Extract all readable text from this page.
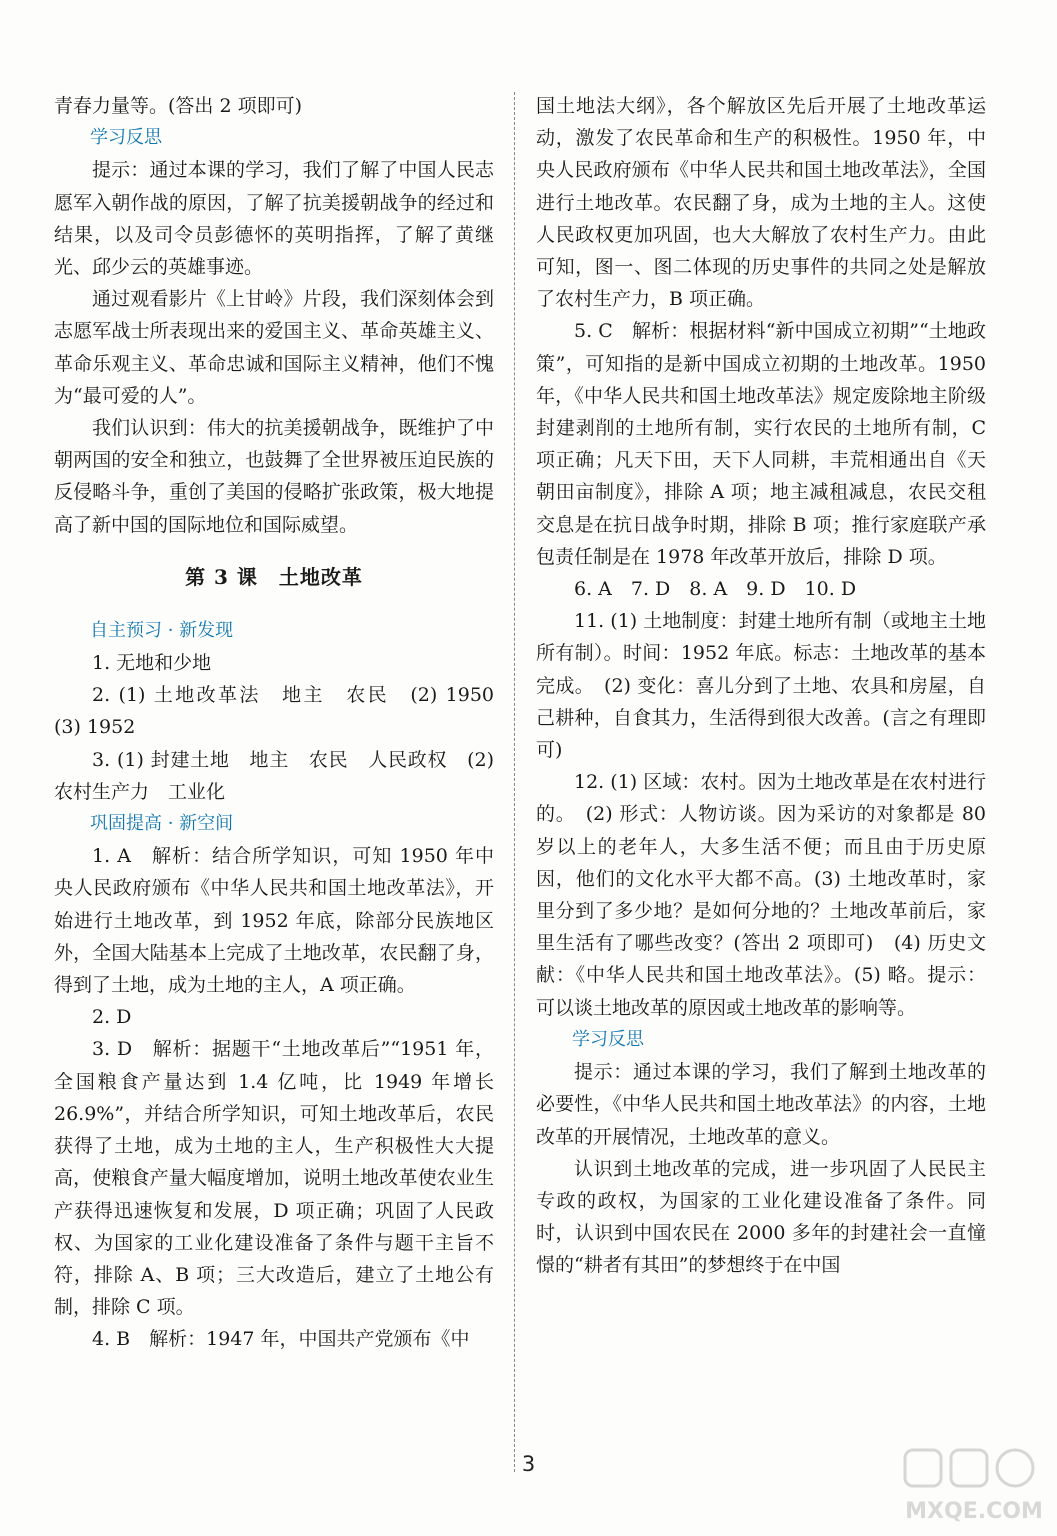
青春力量等。(答出 2 项即可)

学习反思

提示：通过本课的学习，我们了解了中国人民志愿军入朝作战的原因，了解了抗美援朝战争的经过和结果，以及司令员彭德怀的英明指挥，了解了黄继光、邱少云的英雄事迹。

通过观看影片《上甘岭》片段，我们深刻体会到志愿军战士所表现出来的爱国主义、革命英雄主义、革命乐观主义、革命忠诚和国际主义精神，他们不愧为“最可爱的人”。

我们认识到：伟大的抗美援朝战争，既维护了中朝两国的安全和独立，也鼓舞了全世界被压迫民族的反侵略斗争，重创了美国的侵略扩张政策，极大地提高了新中国的国际地位和国际威望。

第 3 课　土地改革
自主预习 · 新发现

1. 无地和少地

2. (1) 土地改革法　地主　农民　(2) 1950　(3) 1952

3. (1) 封建土地　地主　农民　人民政权　(2) 农村生产力　工业化

巩固提高 · 新空间

1. A　解析：结合所学知识，可知 1950 年中央人民政府颁布《中华人民共和国土地改革法》，开始进行土地改革，到 1952 年底，除部分民族地区外，全国大陆基本上完成了土地改革，农民翻了身，得到了土地，成为土地的主人，A 项正确。

2. D

3. D　解析：据题干“土地改革后”“1951 年，全国粮食产量达到 1.4 亿吨，比 1949 年增长 26.9%”，并结合所学知识，可知土地改革后，农民获得了土地，成为土地的主人，生产积极性大大提高，使粮食产量大幅度增加，说明土地改革使农业生产获得迅速恢复和发展，D 项正确；巩固了人民政权、为国家的工业化建设准备了条件与题干主旨不符，排除 A、B 项；三大改造后，建立了土地公有制，排除 C 项。

4. B　解析：1947 年，中国共产党颁布《中

国土地法大纲》，各个解放区先后开展了土地改革运动，激发了农民革命和生产的积极性。1950 年，中央人民政府颁布《中华人民共和国土地改革法》，全国进行土地改革。农民翻了身，成为土地的主人。这使人民政权更加巩固，也大大解放了农村生产力。由此可知，图一、图二体现的历史事件的共同之处是解放了农村生产力，B 项正确。

5. C　解析：根据材料“新中国成立初期”“土地政策”，可知指的是新中国成立初期的土地改革。1950 年，《中华人民共和国土地改革法》规定废除地主阶级封建剥削的土地所有制，实行农民的土地所有制，C 项正确；凡天下田，天下人同耕，丰荒相通出自《天朝田亩制度》，排除 A 项；地主减租减息，农民交租交息是在抗日战争时期，排除 B 项；推行家庭联产承包责任制是在 1978 年改革开放后，排除 D 项。

6. A　7. D　8. A　9. D　10. D

11. (1) 土地制度：封建土地所有制（或地主土地所有制）。时间：1952 年底。标志：土地改革的基本完成。　(2) 变化：喜儿分到了土地、农具和房屋，自己耕种，自食其力，生活得到很大改善。(言之有理即可)

12. (1) 区域：农村。因为土地改革是在农村进行的。　(2) 形式：人物访谈。因为采访的对象都是 80 岁以上的老年人，大多生活不便；而且由于历史原因，他们的文化水平大都不高。(3) 土地改革时，家里分到了多少地？是如何分地的？土地改革前后，家里生活有了哪些改变？(答出 2 项即可)　(4) 历史文献：《中华人民共和国土地改革法》。(5) 略。提示：可以谈土地改革的原因或土地改革的影响等。

学习反思

提示：通过本课的学习，我们了解到土地改革的必要性，《中华人民共和国土地改革法》的内容，土地改革的开展情况，土地改革的意义。

认识到土地改革的完成，进一步巩固了人民民主专政的政权，为国家的工业化建设准备了条件。同时，认识到中国农民在 2000 多年的封建社会一直憧憬的“耕者有其田”的梦想终于在中国

3
MXQE.COM
